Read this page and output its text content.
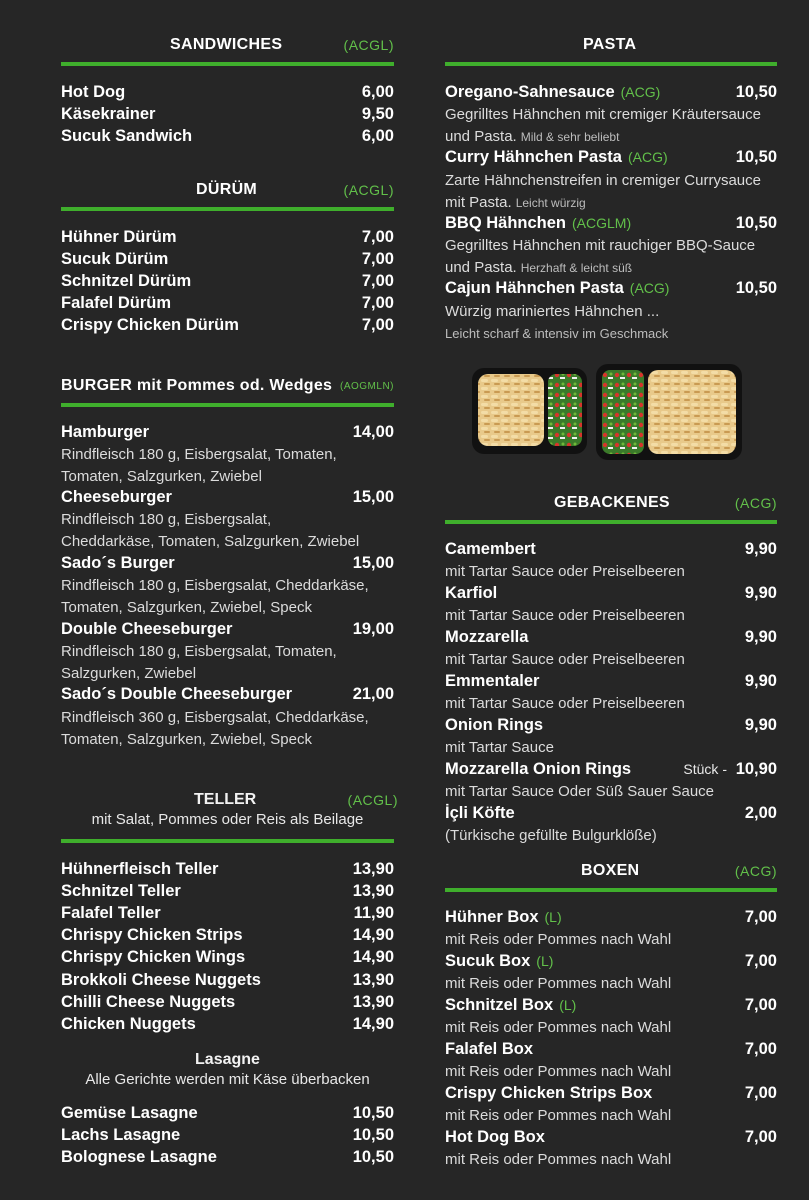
SANDWICHES	(ACGL)
Hot Dog	6,00
Käsekrainer	9,50
Sucuk Sandwich	6,00
DÜRÜM	(ACGL)
Hühner Dürüm	7,00
Sucuk Dürüm	7,00
Schnitzel Dürüm	7,00
Falafel Dürüm	7,00
Crispy Chicken Dürüm	7,00
BURGER mit Pommes od. Wedges (AOGMLN)
Hamburger	14,00
Rindfleisch 180 g, Eisbergsalat, Tomaten,
Tomaten, Salzgurken, Zwiebel
Cheeseburger	15,00
Rindfleisch 180 g, Eisbergsalat,
Cheddarkäse, Tomaten, Salzgurken, Zwiebel
Sado´s Burger	15,00
Rindfleisch 180 g, Eisbergsalat, Cheddarkäse,
Tomaten, Salzgurken, Zwiebel, Speck
Double Cheeseburger	19,00
Rindfleisch 180 g, Eisbergsalat, Tomaten,
Salzgurken, Zwiebel
Sado´s Double Cheeseburger	21,00
Rindfleisch 360 g, Eisbergsalat, Cheddarkäse,
Tomaten, Salzgurken, Zwiebel, Speck
TELLER	(ACGL)
mit Salat, Pommes oder Reis als Beilage
Hühnerfleisch Teller	13,90
Schnitzel Teller	13,90
Falafel Teller	11,90
Chrispy Chicken Strips	14,90
Chrispy Chicken Wings	14,90
Brokkoli Cheese Nuggets	13,90
Chilli Cheese Nuggets	13,90
Chicken Nuggets	14,90
Lasagne
Alle Gerichte werden mit Käse überbacken
Gemüse Lasagne	10,50
Lachs Lasagne	10,50
Bolognese Lasagne	10,50
PASTA
Oregano-Sahnesauce (ACG)	10,50
Gegrilltes Hähnchen mit cremiger Kräutersauce
und Pasta. Mild & sehr beliebt
Curry Hähnchen Pasta (ACG)	10,50
Zarte Hähnchenstreifen in cremiger Currysauce
mit Pasta. Leicht würzig
BBQ Hähnchen (ACGLM)	10,50
Gegrilltes Hähnchen mit rauchiger BBQ-Sauce
und Pasta. Herzhaft & leicht süß
Cajun Hähnchen Pasta (ACG)	10,50
Würzig mariniertes Hähnchen ...
Leicht scharf & intensiv im Geschmack
GEBACKENES	(ACG)
Camembert	9,90
mit Tartar Sauce oder Preiselbeeren
Karfiol	9,90
mit Tartar Sauce oder Preiselbeeren
Mozzarella	9,90
mit Tartar Sauce oder Preiselbeeren
Emmentaler	9,90
mit Tartar Sauce oder Preiselbeeren
Onion Rings	9,90
mit Tartar Sauce
Mozzarella Onion Rings	Stück - 10,90
mit Tartar Sauce Oder Süß Sauer Sauce
İçli Köfte	2,00
(Türkische gefüllte Bulgurklöße)
BOXEN	(ACG)
Hühner Box (L)	7,00
mit Reis oder Pommes nach Wahl
Sucuk Box (L)	7,00
mit Reis oder Pommes nach Wahl
Schnitzel Box (L)	7,00
mit Reis oder Pommes nach Wahl
Falafel Box	7,00
mit Reis oder Pommes nach Wahl
Crispy Chicken Strips Box	7,00
mit Reis oder Pommes nach Wahl
Hot Dog Box	7,00
mit Reis oder Pommes nach Wahl
